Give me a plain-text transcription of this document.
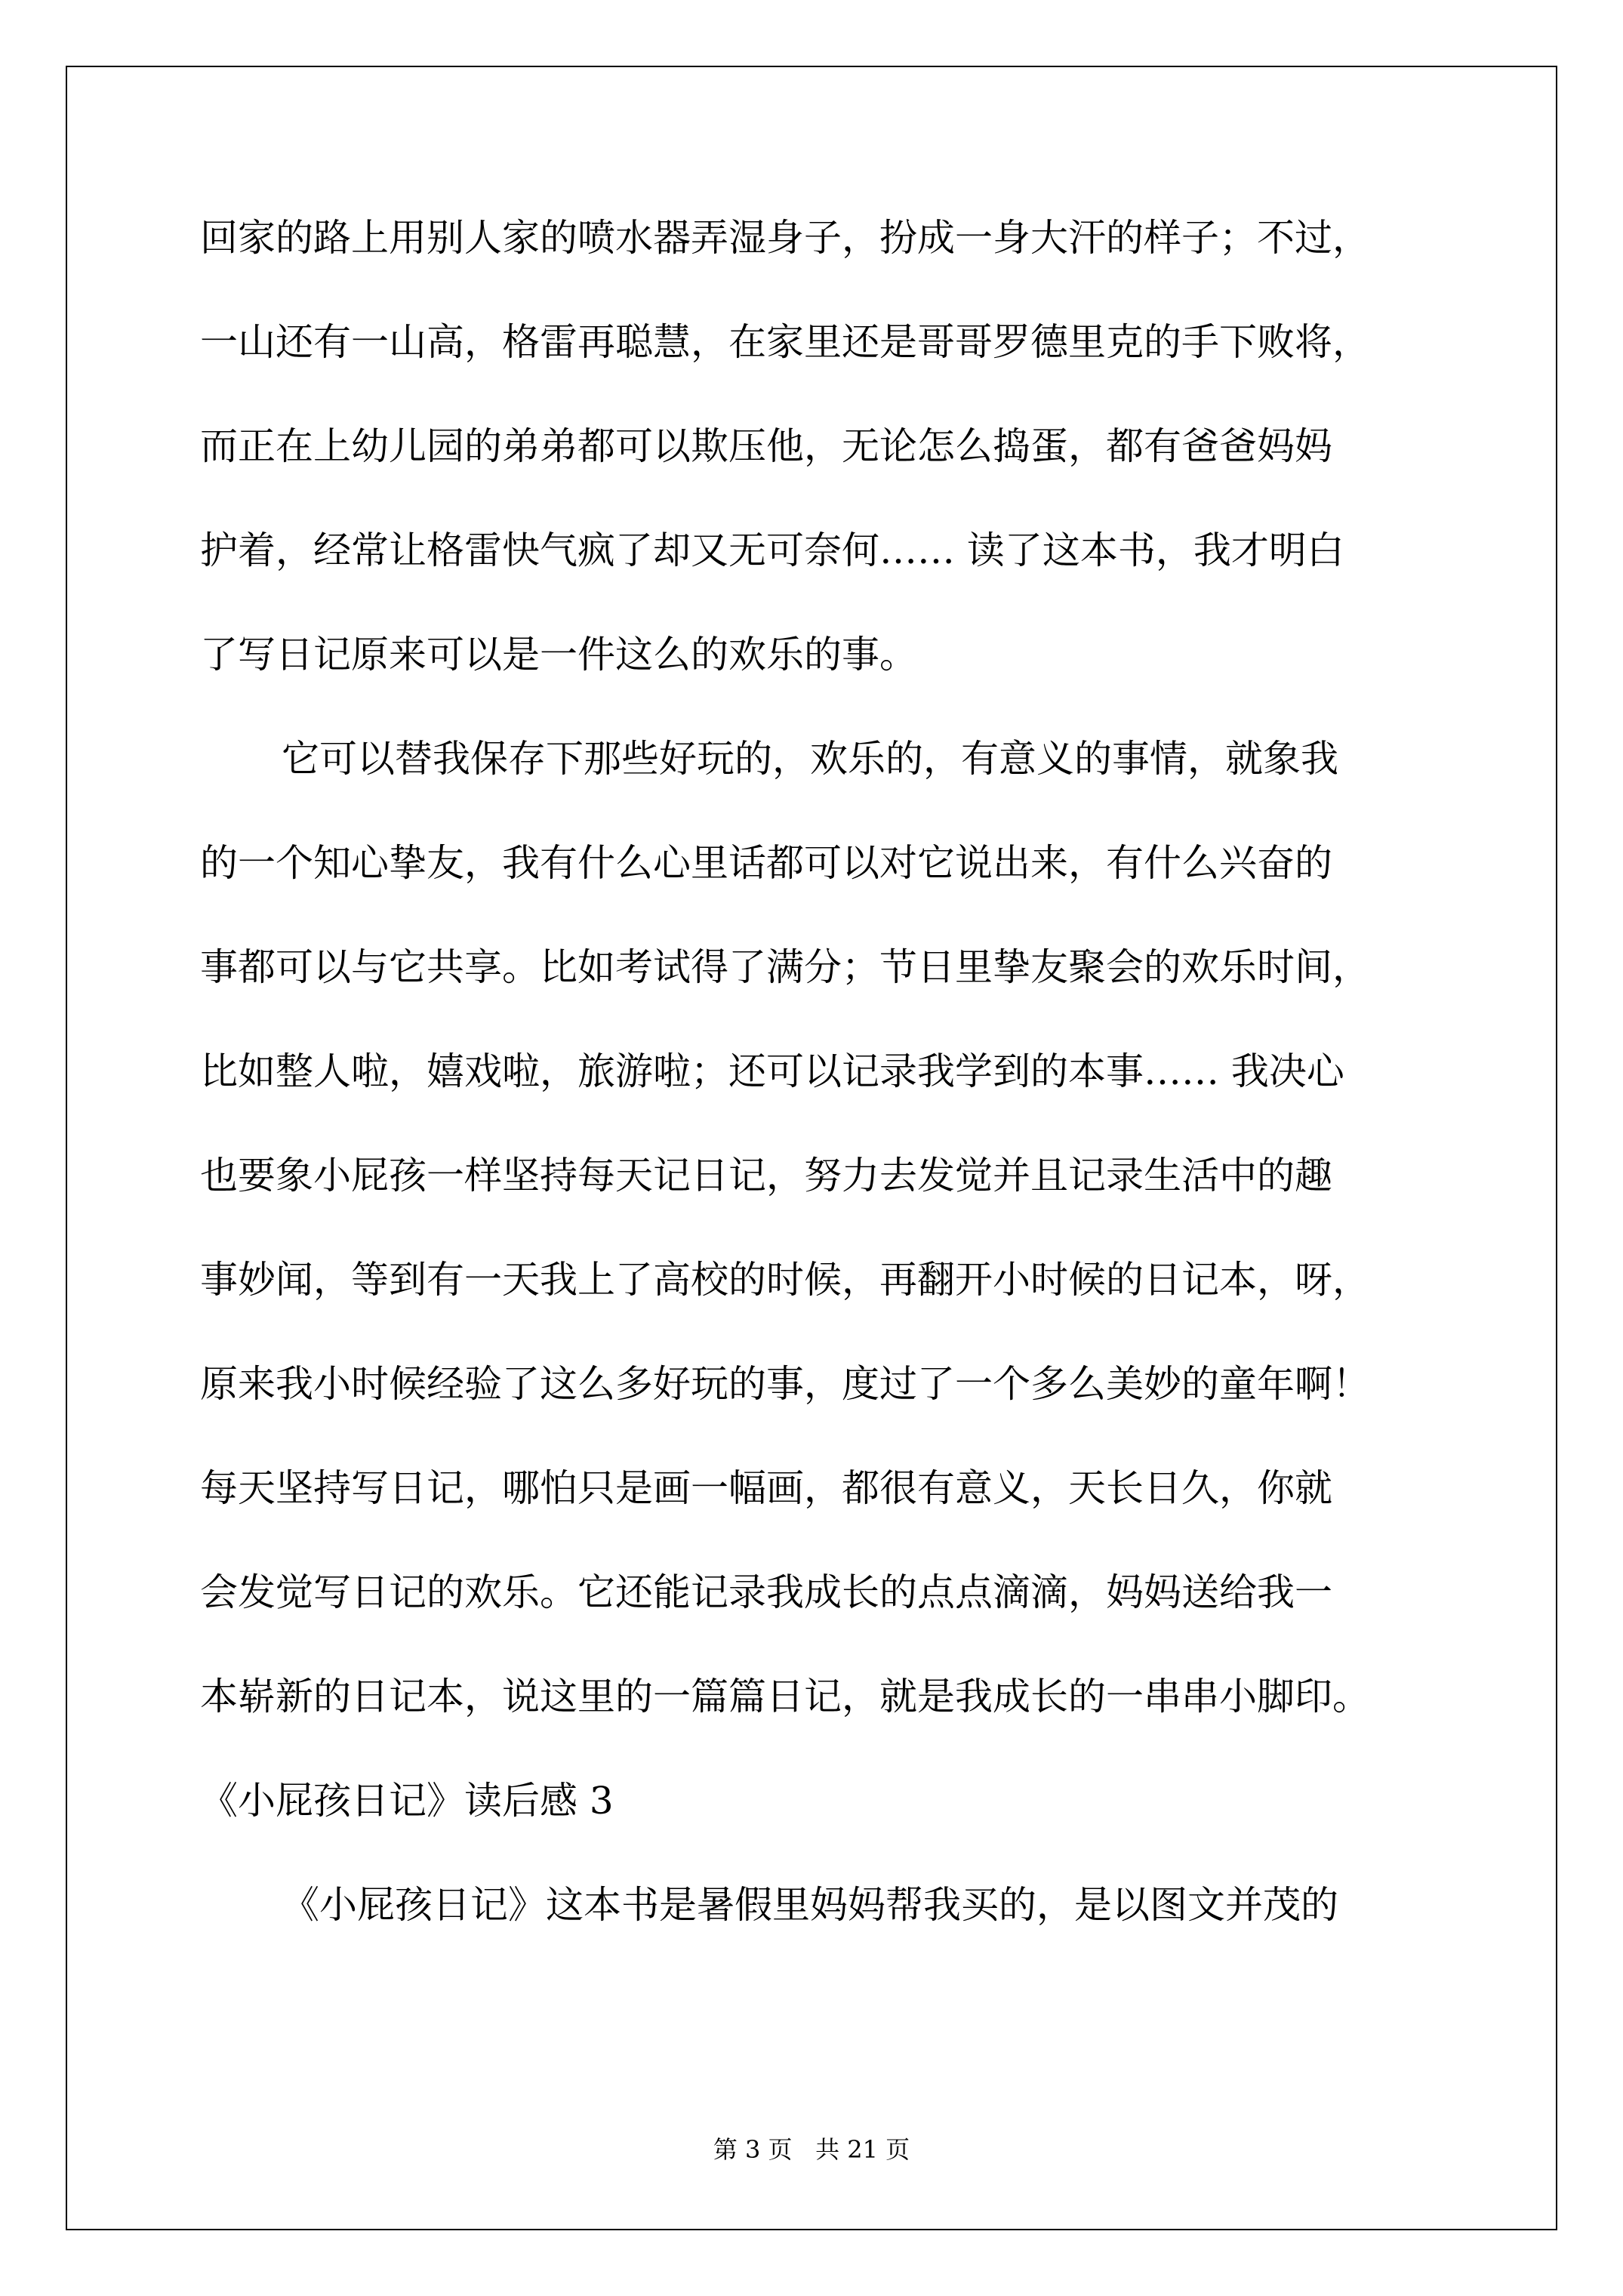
回家的路上用别人家的喷水器弄湿身子，扮成一身大汗的样子；不过，
一山还有一山高，格雷再聪慧，在家里还是哥哥罗德里克的手下败将，
而正在上幼儿园的弟弟都可以欺压他，无论怎么捣蛋，都有爸爸妈妈
护着，经常让格雷快气疯了却又无可奈何…… 读了这本书，我才明白
了写日记原来可以是一件这么的欢乐的事。
它可以替我保存下那些好玩的，欢乐的，有意义的事情，就象我
的一个知心挚友，我有什么心里话都可以对它说出来，有什么兴奋的
事都可以与它共享。比如考试得了满分；节日里挚友聚会的欢乐时间，
比如整人啦，嬉戏啦，旅游啦；还可以记录我学到的本事…… 我决心
也要象小屁孩一样坚持每天记日记，努力去发觉并且记录生活中的趣
事妙闻，等到有一天我上了高校的时候，再翻开小时候的日记本，呀，
原来我小时候经验了这么多好玩的事，度过了一个多么美妙的童年啊！
每天坚持写日记，哪怕只是画一幅画，都很有意义，天长日久，你就
会发觉写日记的欢乐。它还能记录我成长的点点滴滴，妈妈送给我一
本崭新的日记本，说这里的一篇篇日记，就是我成长的一串串小脚印。
《小屁孩日记》读后感 3
《小屁孩日记》这本书是暑假里妈妈帮我买的，是以图文并茂的
第 3 页   共 21 页
